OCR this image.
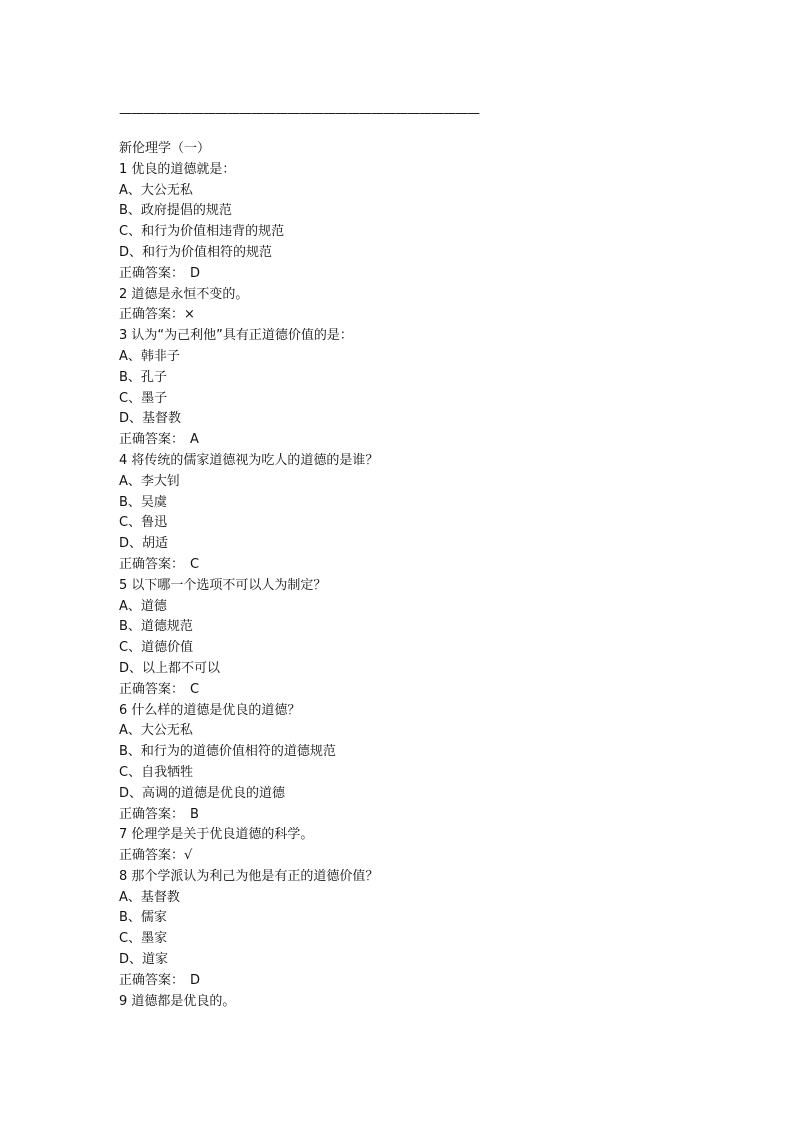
——————————————————————————————
新伦理学（一）
1 优良的道德就是：
A、大公无私
B、政府提倡的规范
C、和行为价值相违背的规范
D、和行为价值相符的规范
正确答案： D
2 道德是永恒不变的。
正确答案：×
3 认为“为己利他”具有正道德价值的是：
A、韩非子
B、孔子
C、墨子
D、基督教
正确答案： A
4 将传统的儒家道德视为吃人的道德的是谁？
A、李大钊
B、吴虞
C、鲁迅
D、胡适
正确答案： C
5 以下哪一个选项不可以人为制定？
A、道德
B、道德规范
C、道德价值
D、以上都不可以
正确答案： C
6 什么样的道德是优良的道德？
A、大公无私
B、和行为的道德价值相符的道德规范
C、自我牺牲
D、高调的道德是优良的道德
正确答案： B
7 伦理学是关于优良道德的科学。
正确答案：√
8 那个学派认为利己为他是有正的道德价值？
A、基督教
B、儒家
C、墨家
D、道家
正确答案： D
9 道德都是优良的。
